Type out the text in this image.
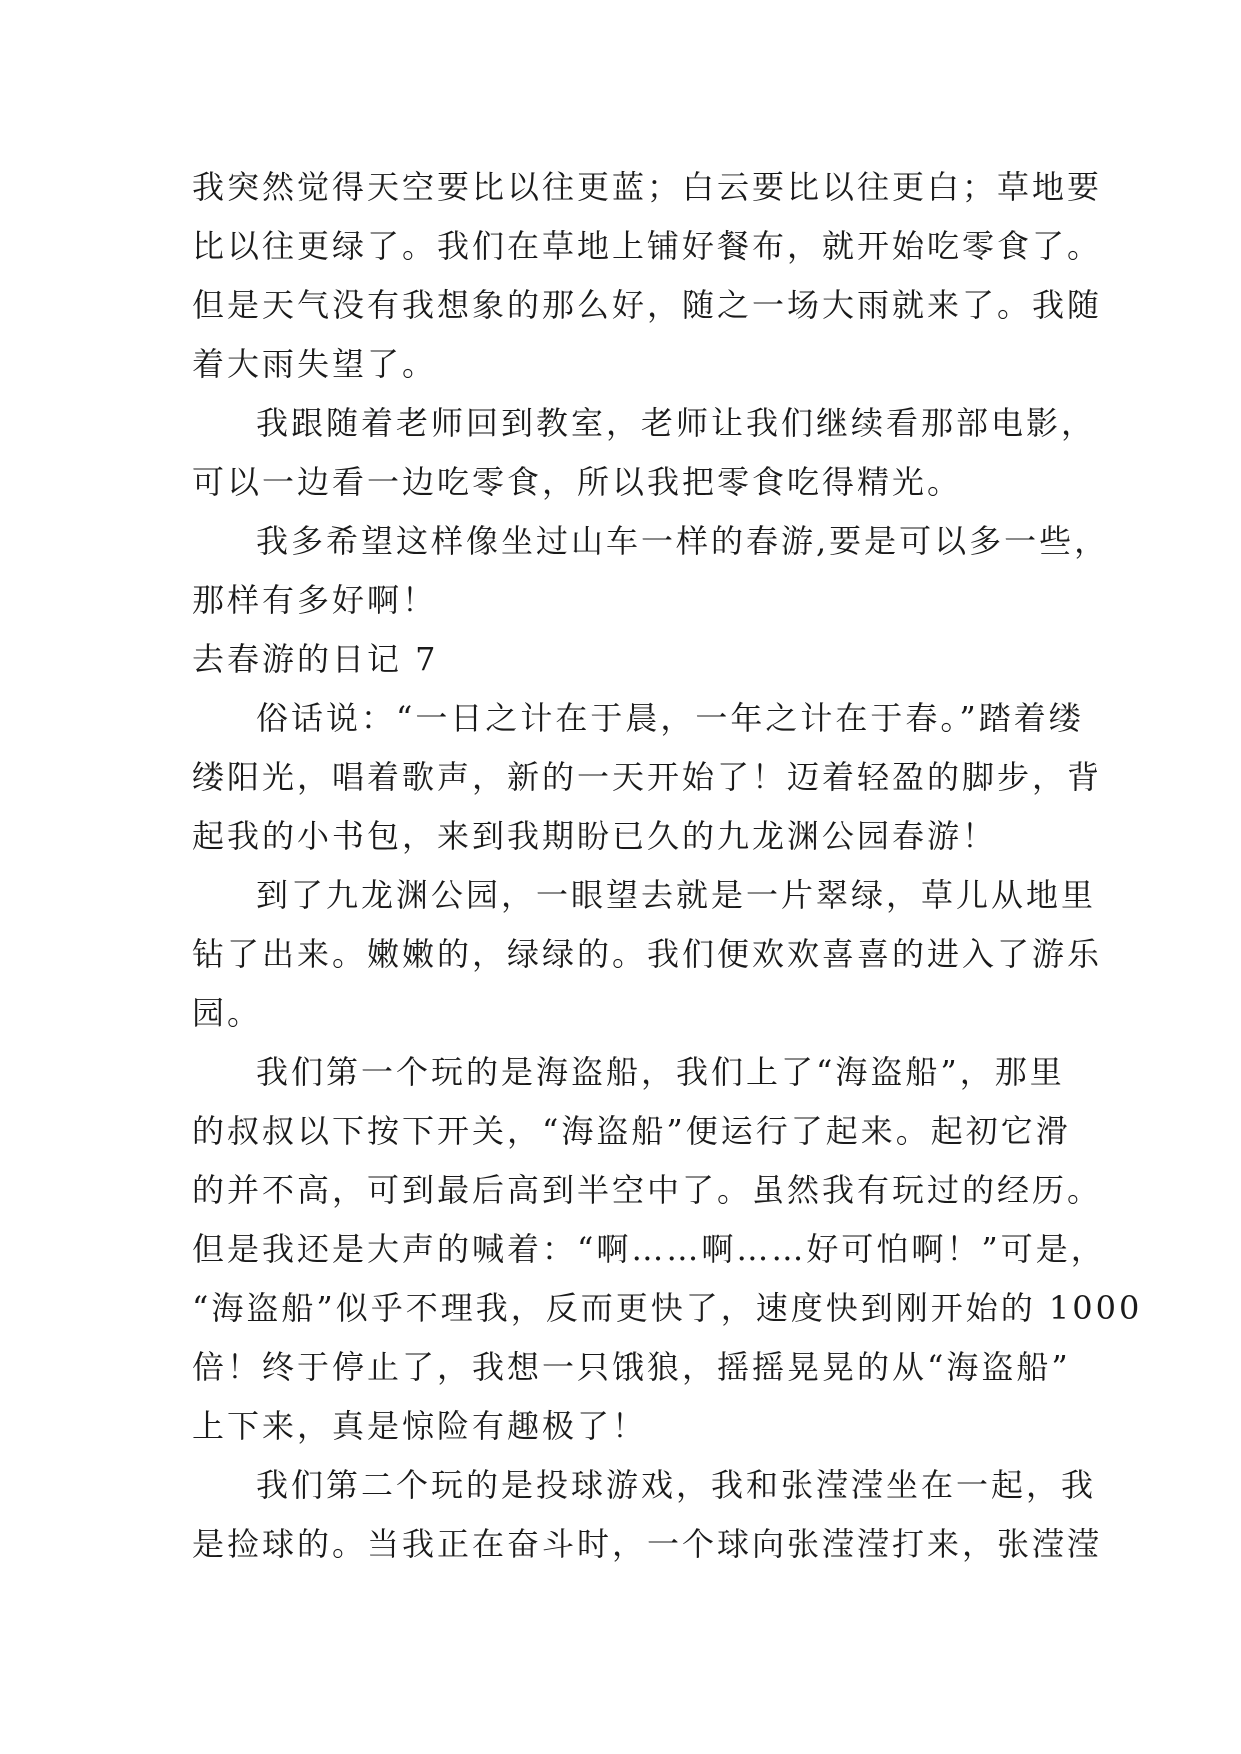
我突然觉得天空要比以往更蓝；白云要比以往更白；草地要
比以往更绿了。我们在草地上铺好餐布，就开始吃零食了。
但是天气没有我想象的那么好，随之一场大雨就来了。我随
着大雨失望了。
我跟随着老师回到教室，老师让我们继续看那部电影，
可以一边看一边吃零食，所以我把零食吃得精光。
我多希望这样像坐过山车一样的春游,要是可以多一些，
那样有多好啊！
去春游的日记 7
俗话说：“一日之计在于晨，一年之计在于春。”踏着缕
缕阳光，唱着歌声，新的一天开始了！迈着轻盈的脚步，背
起我的小书包，来到我期盼已久的九龙渊公园春游！
到了九龙渊公园，一眼望去就是一片翠绿，草儿从地里
钻了出来。嫩嫩的，绿绿的。我们便欢欢喜喜的进入了游乐
园。
我们第一个玩的是海盗船，我们上了“海盗船”，那里
的叔叔以下按下开关，“海盗船”便运行了起来。起初它滑
的并不高，可到最后高到半空中了。虽然我有玩过的经历。
但是我还是大声的喊着：“啊……啊……好可怕啊！”可是，
“海盗船”似乎不理我，反而更快了，速度快到刚开始的 1000
倍！终于停止了，我想一只饿狼，摇摇晃晃的从“海盗船”
上下来，真是惊险有趣极了！
我们第二个玩的是投球游戏，我和张滢滢坐在一起，我
是捡球的。当我正在奋斗时，一个球向张滢滢打来，张滢滢
